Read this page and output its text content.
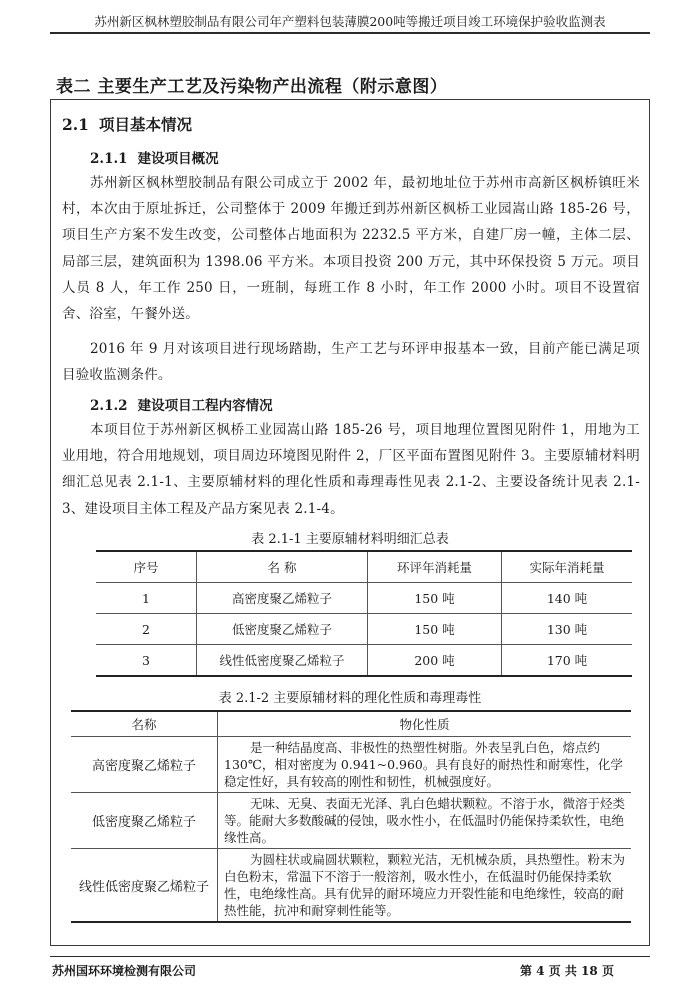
苏州新区枫林塑胶制品有限公司年产塑料包装薄膜200吨等搬迁项目竣工环境保护验收监测表
表二 主要生产工艺及污染物产出流程（附示意图）
2.1 项目基本情况
2.1.1 建设项目概况

苏州新区枫林塑胶制品有限公司成立于 2002 年，最初地址位于苏州市高新区枫桥镇旺米村，本次由于原址拆迁，公司整体于 2009 年搬迁到苏州新区枫桥工业园嵩山路 185-26 号，项目生产方案不发生改变，公司整体占地面积为 2232.5 平方米，自建厂房一幢，主体二层、局部三层，建筑面积为 1398.06 平方米。本项目投资 200 万元，其中环保投资 5 万元。项目人员 8 人，年工作 250 日，一班制，每班工作 8 小时，年工作 2000 小时。项目不设置宿舍、浴室，午餐外送。

2016 年 9 月对该项目进行现场踏勘，生产工艺与环评申报基本一致，目前产能已满足项目验收监测条件。

2.1.2 建设项目工程内容情况

本项目位于苏州新区枫桥工业园嵩山路 185-26 号，项目地理位置图见附件 1，用地为工业用地，符合用地规划，项目周边环境图见附件 2，厂区平面布置图见附件 3。主要原辅材料明细汇总见表 2.1-1、主要原辅材料的理化性质和毒理毒性见表 2.1-2、主要设备统计见表 2.1-3、建设项目主体工程及产品方案见表 2.1-4。

表 2.1-1 主要原辅材料明细汇总表
序号	名 称	环评年消耗量	实际年消耗量
1	高密度聚乙烯粒子	150 吨	140 吨
2	低密度聚乙烯粒子	150 吨	130 吨
3	线性低密度聚乙烯粒子	200 吨	170 吨
表 2.1-2 主要原辅材料的理化性质和毒理毒性
名称	物化性质
高密度聚乙烯粒子	是一种结晶度高、非极性的热塑性树脂。外表呈乳白色，熔点约 130℃，相对密度为 0.941~0.960。具有良好的耐热性和耐寒性，化学稳定性好，具有较高的刚性和韧性，机械强度好。

低密度聚乙烯粒子	无味、无臭、表面无光泽、乳白色蜡状颗粒。不溶于水，微溶于烃类等。能耐大多数酸碱的侵蚀，吸水性小，在低温时仍能保持柔软性，电绝缘性高。

线性低密度聚乙烯粒子	为圆柱状或扁圆状颗粒，颗粒光洁，无机械杂质，具热塑性。粉末为白色粉末，常温下不溶于一般溶剂，吸水性小，在低温时仍能保持柔软性，电绝缘性高。具有优异的耐环境应力开裂性能和电绝缘性，较高的耐热性能，抗冲和耐穿刺性能等。
苏州国环环境检测有限公司	第 4 页 共 18 页
